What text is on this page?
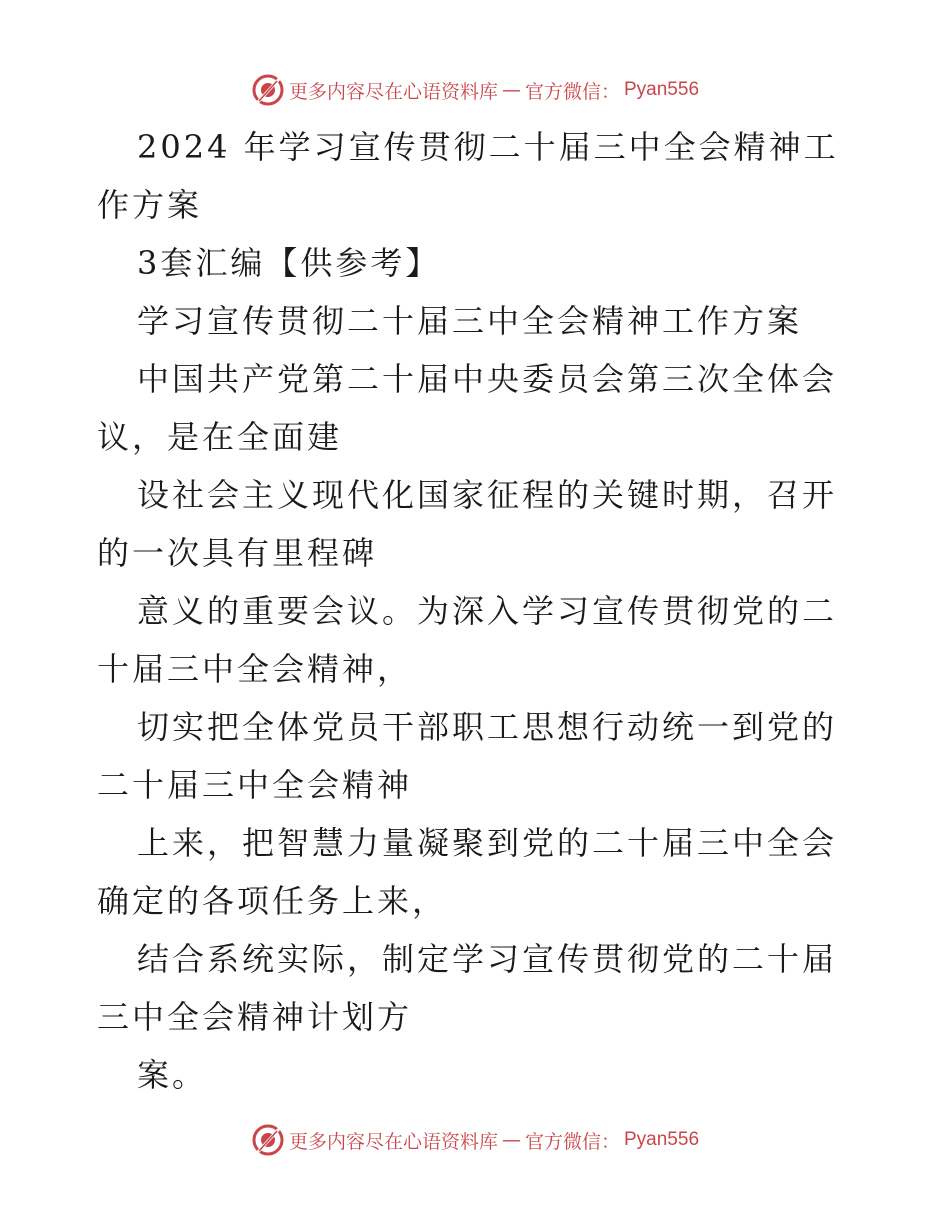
更多内容尽在心语资料库 — 官方微信： Pyan556

2024 年学习宣传贯彻二十届三中全会精神工作方案

3套汇编【供参考】

学习宣传贯彻二十届三中全会精神工作方案

中国共产党第二十届中央委员会第三次全体会议，是在全面建

设社会主义现代化国家征程的关键时期，召开的一次具有里程碑

意义的重要会议。为深入学习宣传贯彻党的二十届三中全会精神，

切实把全体党员干部职工思想行动统一到党的二十届三中全会精神

上来，把智慧力量凝聚到党的二十届三中全会确定的各项任务上来，

结合系统实际，制定学习宣传贯彻党的二十届三中全会精神计划方

案。

更多内容尽在心语资料库 — 官方微信： Pyan556
